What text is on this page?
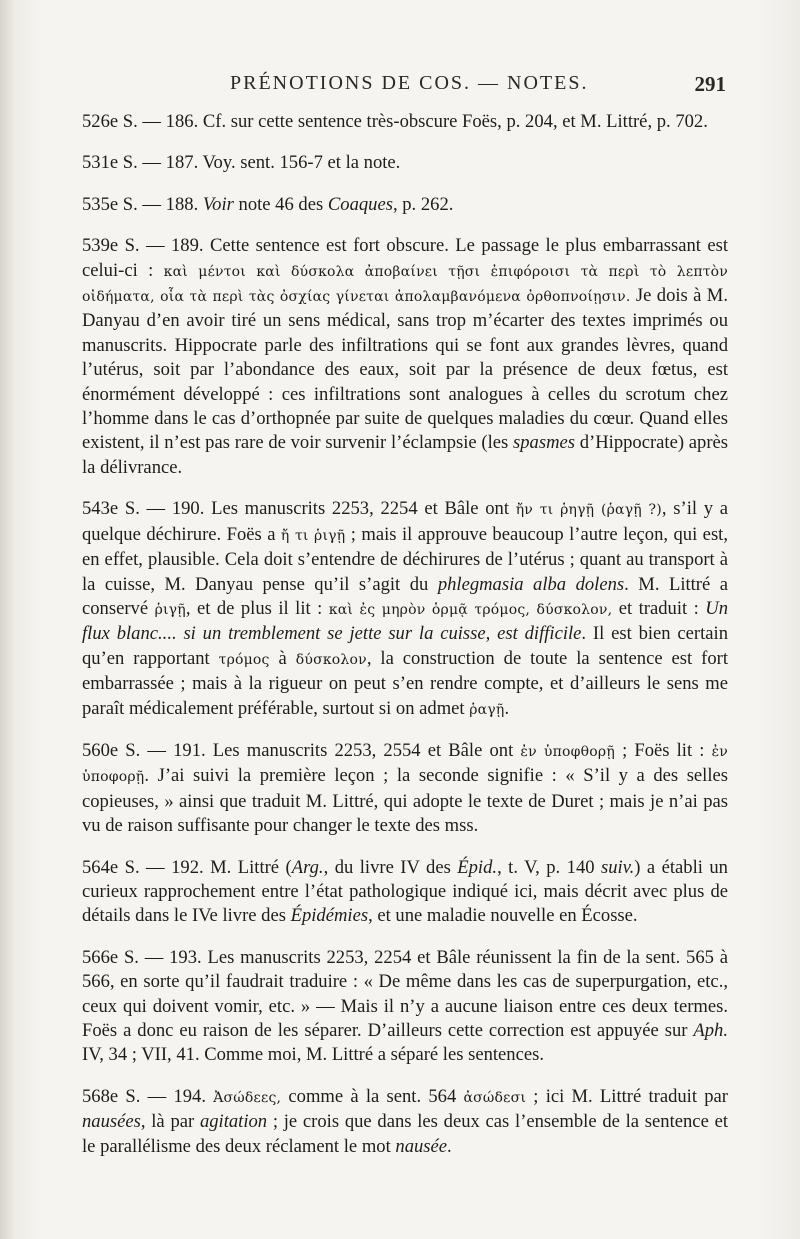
PRÉNOTIONS DE COS. — NOTES.	291

526e S. — 186. Cf. sur cette sentence très-obscure Foës, p. 204, et M. Littré, p. 702.

531e S. — 187. Voy. sent. 156-7 et la note.

535e S. — 188. Voir note 46 des Coaques, p. 262.

539e S. — 189. Cette sentence est fort obscure. Le passage le plus embarrassant est celui-ci : καὶ μέντοι καὶ δύσκολα ἀποβαίνει τῇσι ἐπιφόροισι τὰ περὶ τὸ λεπτὸν οἰδήματα, οἷα τὰ περὶ τὰς ὀσχίας γίνεται ἀπολαμβανόμενα ὀρθοπνοίῃσιν. Je dois à M. Danyau d’en avoir tiré un sens médical, sans trop m’écarter des textes imprimés ou manuscrits. Hippocrate parle des infiltrations qui se font aux grandes lèvres, quand l’utérus, soit par l’abondance des eaux, soit par la présence de deux fœtus, est énormément développé : ces infiltrations sont analogues à celles du scrotum chez l’homme dans le cas d’orthopnée par suite de quelques maladies du cœur. Quand elles existent, il n’est pas rare de voir survenir l’éclampsie (les spasmes d’Hippocrate) après la délivrance.

543e S. — 190. Les manuscrits 2253, 2254 et Bâle ont ἤν τι ῥηγῇ (ῥαγῇ ?), s’il y a quelque déchirure. Foës a ἤ τι ῥιγῇ ; mais il approuve beaucoup l’autre leçon, qui est, en effet, plausible. Cela doit s’entendre de déchirures de l’utérus ; quant au transport à la cuisse, M. Danyau pense qu’il s’agit du phlegmasia alba dolens. M. Littré a conservé ῥιγῇ, et de plus il lit : καὶ ἐς μηρὸν ὁρμᾷ τρόμος, δύσκολον, et traduit : Un flux blanc.... si un tremblement se jette sur la cuisse, est difficile. Il est bien certain qu’en rapportant τρόμος à δύσκολον, la construction de toute la sentence est fort embarrassée ; mais à la rigueur on peut s’en rendre compte, et d’ailleurs le sens me paraît médicalement préférable, surtout si on admet ῥαγῇ.

560e S. — 191. Les manuscrits 2253, 2554 et Bâle ont ἐν ὑποφθορῇ ; Foës lit : ἐν ὑποφορῇ. J’ai suivi la première leçon ; la seconde signifie : « S’il y a des selles copieuses, » ainsi que traduit M. Littré, qui adopte le texte de Duret ; mais je n’ai pas vu de raison suffisante pour changer le texte des mss.

564e S. — 192. M. Littré (Arg., du livre IV des Épid., t. V, p. 140 suiv.) a établi un curieux rapprochement entre l’état pathologique indiqué ici, mais décrit avec plus de détails dans le IVe livre des Épidémies, et une maladie nouvelle en Écosse.

566e S. — 193. Les manuscrits 2253, 2254 et Bâle réunissent la fin de la sent. 565 à 566, en sorte qu’il faudrait traduire : « De même dans les cas de superpurgation, etc., ceux qui doivent vomir, etc. » — Mais il n’y a aucune liaison entre ces deux termes. Foës a donc eu raison de les séparer. D’ailleurs cette correction est appuyée sur Aph. IV, 34 ; VII, 41. Comme moi, M. Littré a séparé les sentences.

568e S. — 194. Ἀσώδεες, comme à la sent. 564 ἀσώδεσι ; ici M. Littré traduit par nausées, là par agitation ; je crois que dans les deux cas l’ensemble de la sentence et le parallélisme des deux réclament le mot nausée.
